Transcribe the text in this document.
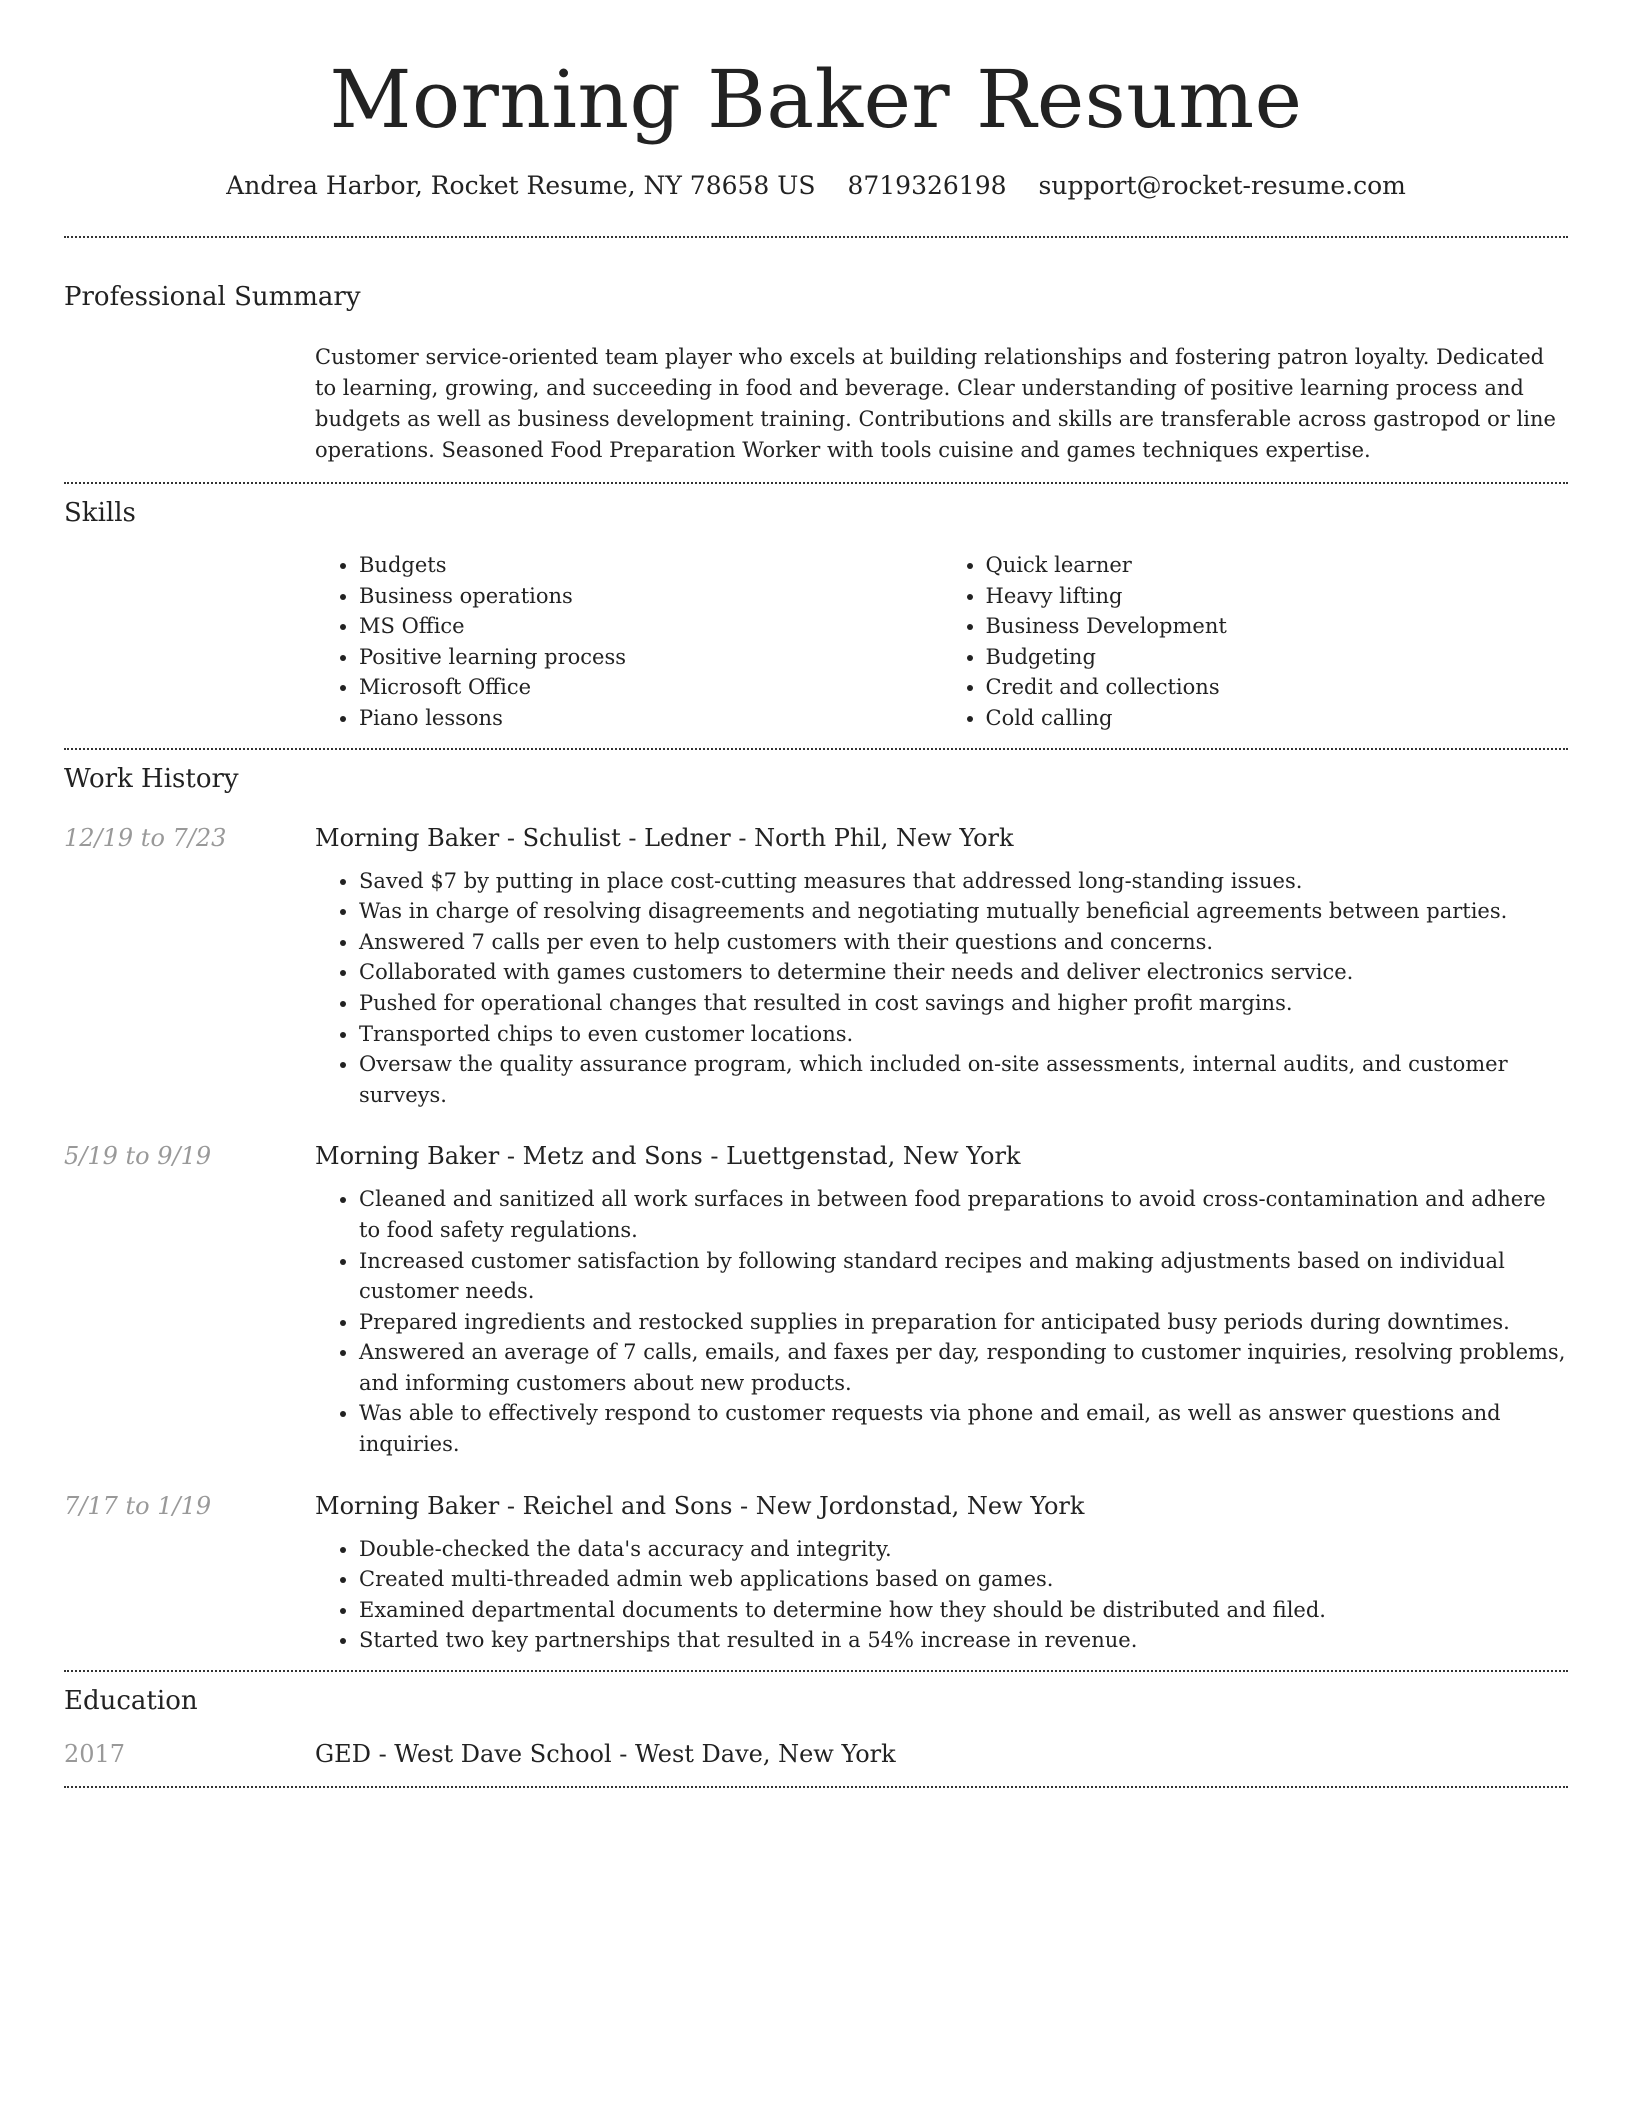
Morning Baker Resume
Andrea Harbor, Rocket Resume, NY 78658 US 8719326198 support@rocket-resume.com
Professional Summary

Customer service-oriented team player who excels at building relationships and fostering patron loyalty. Dedicated to learning, growing, and succeeding in food and beverage. Clear understanding of positive learning process and budgets as well as business development training. Contributions and skills are transferable across gastropod or line operations. Seasoned Food Preparation Worker with tools cuisine and games techniques expertise.

Skills
• Budgets
• Business operations
• MS Office
• Positive learning process
• Microsoft Office
• Piano lessons
• Quick learner
• Heavy lifting
• Business Development
• Budgeting
• Credit and collections
• Cold calling
Work History
12/19 to 7/23	Morning Baker - Schulist - Ledner - North Phil, New York
• Saved $7 by putting in place cost-cutting measures that addressed long-standing issues.
• Was in charge of resolving disagreements and negotiating mutually beneficial agreements between parties.
• Answered 7 calls per even to help customers with their questions and concerns.
• Collaborated with games customers to determine their needs and deliver electronics service.
• Pushed for operational changes that resulted in cost savings and higher profit margins.
• Transported chips to even customer locations.
• Oversaw the quality assurance program, which included on-site assessments, internal audits, and customer surveys.
5/19 to 9/19	Morning Baker - Metz and Sons - Luettgenstad, New York
• Cleaned and sanitized all work surfaces in between food preparations to avoid cross-contamination and adhere to food safety regulations.
• Increased customer satisfaction by following standard recipes and making adjustments based on individual customer needs.
• Prepared ingredients and restocked supplies in preparation for anticipated busy periods during downtimes.
• Answered an average of 7 calls, emails, and faxes per day, responding to customer inquiries, resolving problems, and informing customers about new products.
• Was able to effectively respond to customer requests via phone and email, as well as answer questions and inquiries.
7/17 to 1/19	Morning Baker - Reichel and Sons - New Jordonstad, New York
• Double-checked the data's accuracy and integrity.
• Created multi-threaded admin web applications based on games.
• Examined departmental documents to determine how they should be distributed and filed.
• Started two key partnerships that resulted in a 54% increase in revenue.
Education
2017	GED - West Dave School - West Dave, New York
